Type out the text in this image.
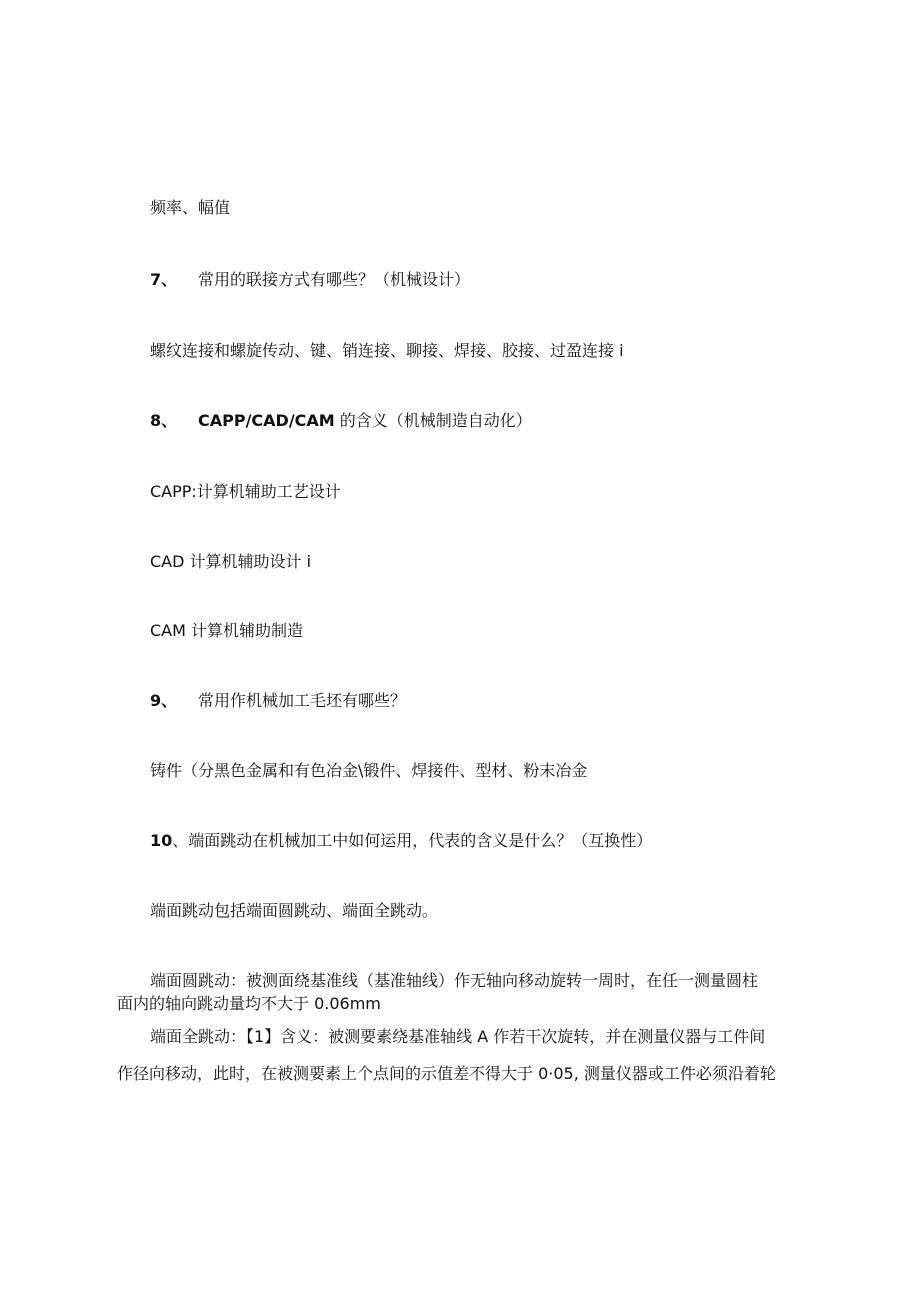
频率、幅值
7、 常用的联接方式有哪些？（机械设计）
螺纹连接和螺旋传动、键、销连接、聊接、焊接、胶接、过盈连接 i
8、 CAPP/CAD/CAM 的含义（机械制造自动化）
CAPP:计算机辅助工艺设计
CAD 计算机辅助设计 i
CAM 计算机辅助制造
9、 常用作机械加工毛坯有哪些？
铸件（分黑色金属和有色冶金\锻件、焊接件、型材、粉末冶金
10、端面跳动在机械加工中如何运用，代表的含义是什么？（互换性）
端面跳动包括端面圆跳动、端面全跳动。
端面圆跳动：被测面绕基准线（基准轴线）作无轴向移动旋转一周时，在任一测量圆柱
面内的轴向跳动量均不大于 0.06mm
端面全跳动：【1】含义：被测要素绕基准轴线 A 作若干次旋转，并在测量仪器与工件间
作径向移动，此时，在被测要素上个点间的示值差不得大于 0·05, 测量仪器或工件必须沿着轮
